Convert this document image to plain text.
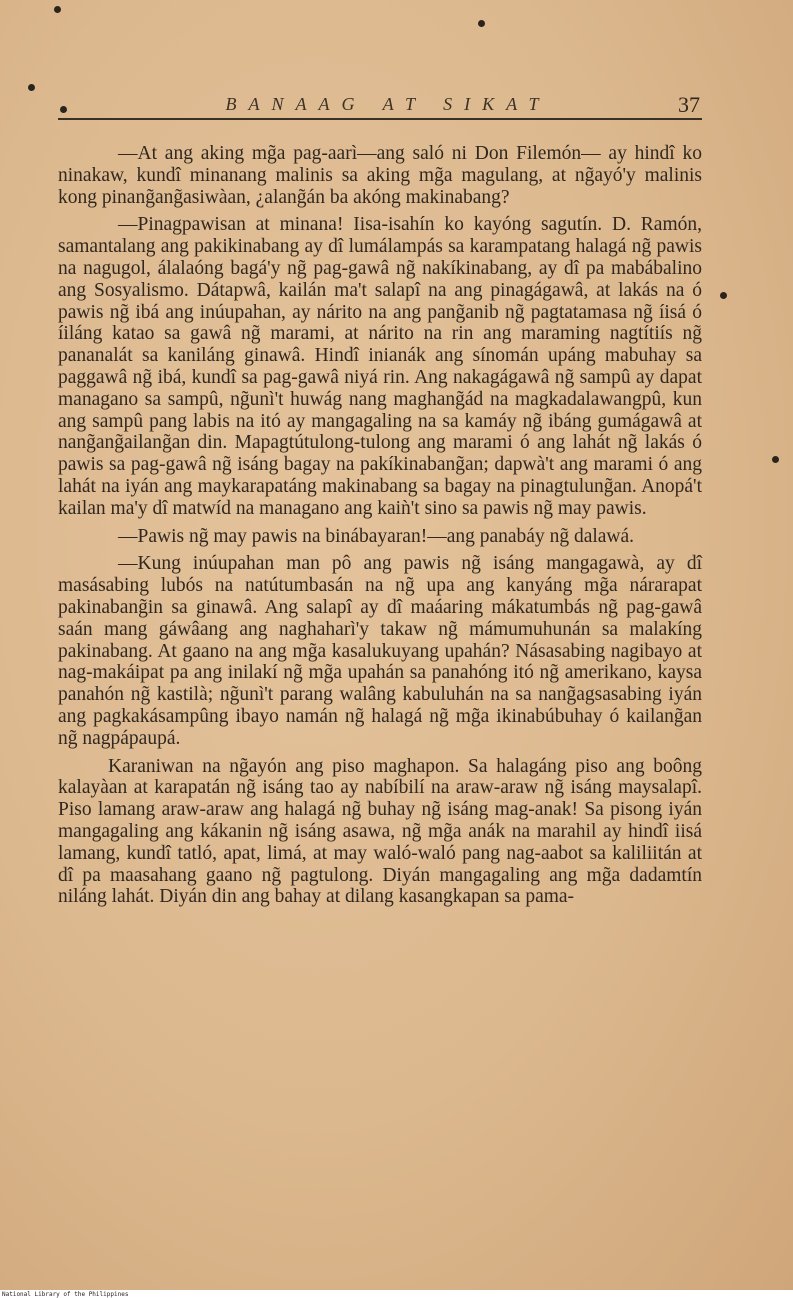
BANAAG AT SIKAT	37

—At ang aking mg̃a pag-aarì—ang saló ni Don Filemón— ay hindî ko ninakaw, kundî minanang malinis sa aking mg̃a magulang, at ng̃ayó'y malinis kong pinang̃ang̃asiwàan, ¿alang̃án ba akóng makinabang?

—Pinagpawisan at minana! Iisa-isahín ko kayóng sagutín. D. Ramón, samantalang ang pakikinabang ay dî lumálampás sa karampatang halagá ng̃ pawis na nagugol, álalaóng bagá'y ng̃ pag-gawâ ng̃ nakíkinabang, ay dî pa mabábalino ang Sosyalismo. Dátapwâ, kailán ma't salapî na ang pinagágawâ, at lakás na ó pawis ng̃ ibá ang inúupahan, ay nárito na ang pang̃anib ng̃ pagtatamasa ng̃ íisá ó íiláng katao sa gawâ ng̃ marami, at nárito na rin ang maraming nagtítiís ng̃ pananalát sa kaniláng ginawâ. Hindî inianák ang sínomán upáng mabuhay sa paggawâ ng̃ ibá, kundî sa pag-gawâ niyá rin. Ang nakagágawâ ng̃ sampû ay dapat managano sa sampû, ng̃unì't huwág nang maghang̃ád na magkadalawangpû, kun ang sampû pang labis na itó ay mangagaling na sa kamáy ng̃ ibáng gumágawâ at nang̃ang̃ailang̃an din. Mapagtútulong-tulong ang marami ó ang lahát ng̃ lakás ó pawis sa pag-gawâ ng̃ isáng bagay na pakíkinabang̃an; dapwà't ang marami ó ang lahát na iyán ang maykarapatáng makinabang sa bagay na pinagtulung̃an. Anopá't kailan ma'y dî matwíd na managano ang kaiǹ't sino sa pawis ng̃ may pawis.

—Pawis ng̃ may pawis na binábayaran!—ang panabáy ng̃ dalawá.

—Kung inúupahan man pô ang pawis ng̃ isáng mangagawà, ay dî masásabing lubós na natútumbasán na ng̃ upa ang kanyáng mg̃a nárarapat pakinabang̃in sa ginawâ. Ang salapî ay dî maáaring mákatumbás ng̃ pag-gawâ saán mang gáwâang ang naghaharì'y takaw ng̃ mámumuhunán sa malakíng pakinabang. At gaano na ang mg̃a kasalukuyang upahán? Násasabing nagibayo at nag-makáipat pa ang inilakí ng̃ mg̃a upahán sa panahóng itó ng̃ amerikano, kaysa panahón ng̃ kastilà; ng̃unì't parang walâng kabuluhán na sa nang̃agsasabing iyán ang pagkakásampûng ibayo namán ng̃ halagá ng̃ mg̃a ikinabúbuhay ó kailang̃an ng̃ nagpápaupá.

Karaniwan na ng̃ayón ang piso maghapon. Sa halagáng piso ang boông kalayàan at karapatán ng̃ isáng tao ay nabíbilí na araw-araw ng̃ isáng maysalapî. Piso lamang araw-araw ang halagá ng̃ buhay ng̃ isáng mag-anak! Sa pisong iyán mangagaling ang kákanin ng̃ isáng asawa, ng̃ mg̃a anák na marahil ay hindî iisá lamang, kundî tatló, apat, limá, at may waló-waló pang nag-aabot sa kaliliitán at dî pa maasahang gaano ng̃ pagtulong. Diyán mangagaling ang mg̃a dadamtín niláng lahát. Diyán din ang bahay at dilang kasangkapan sa pama-

National Library of the Philippines
